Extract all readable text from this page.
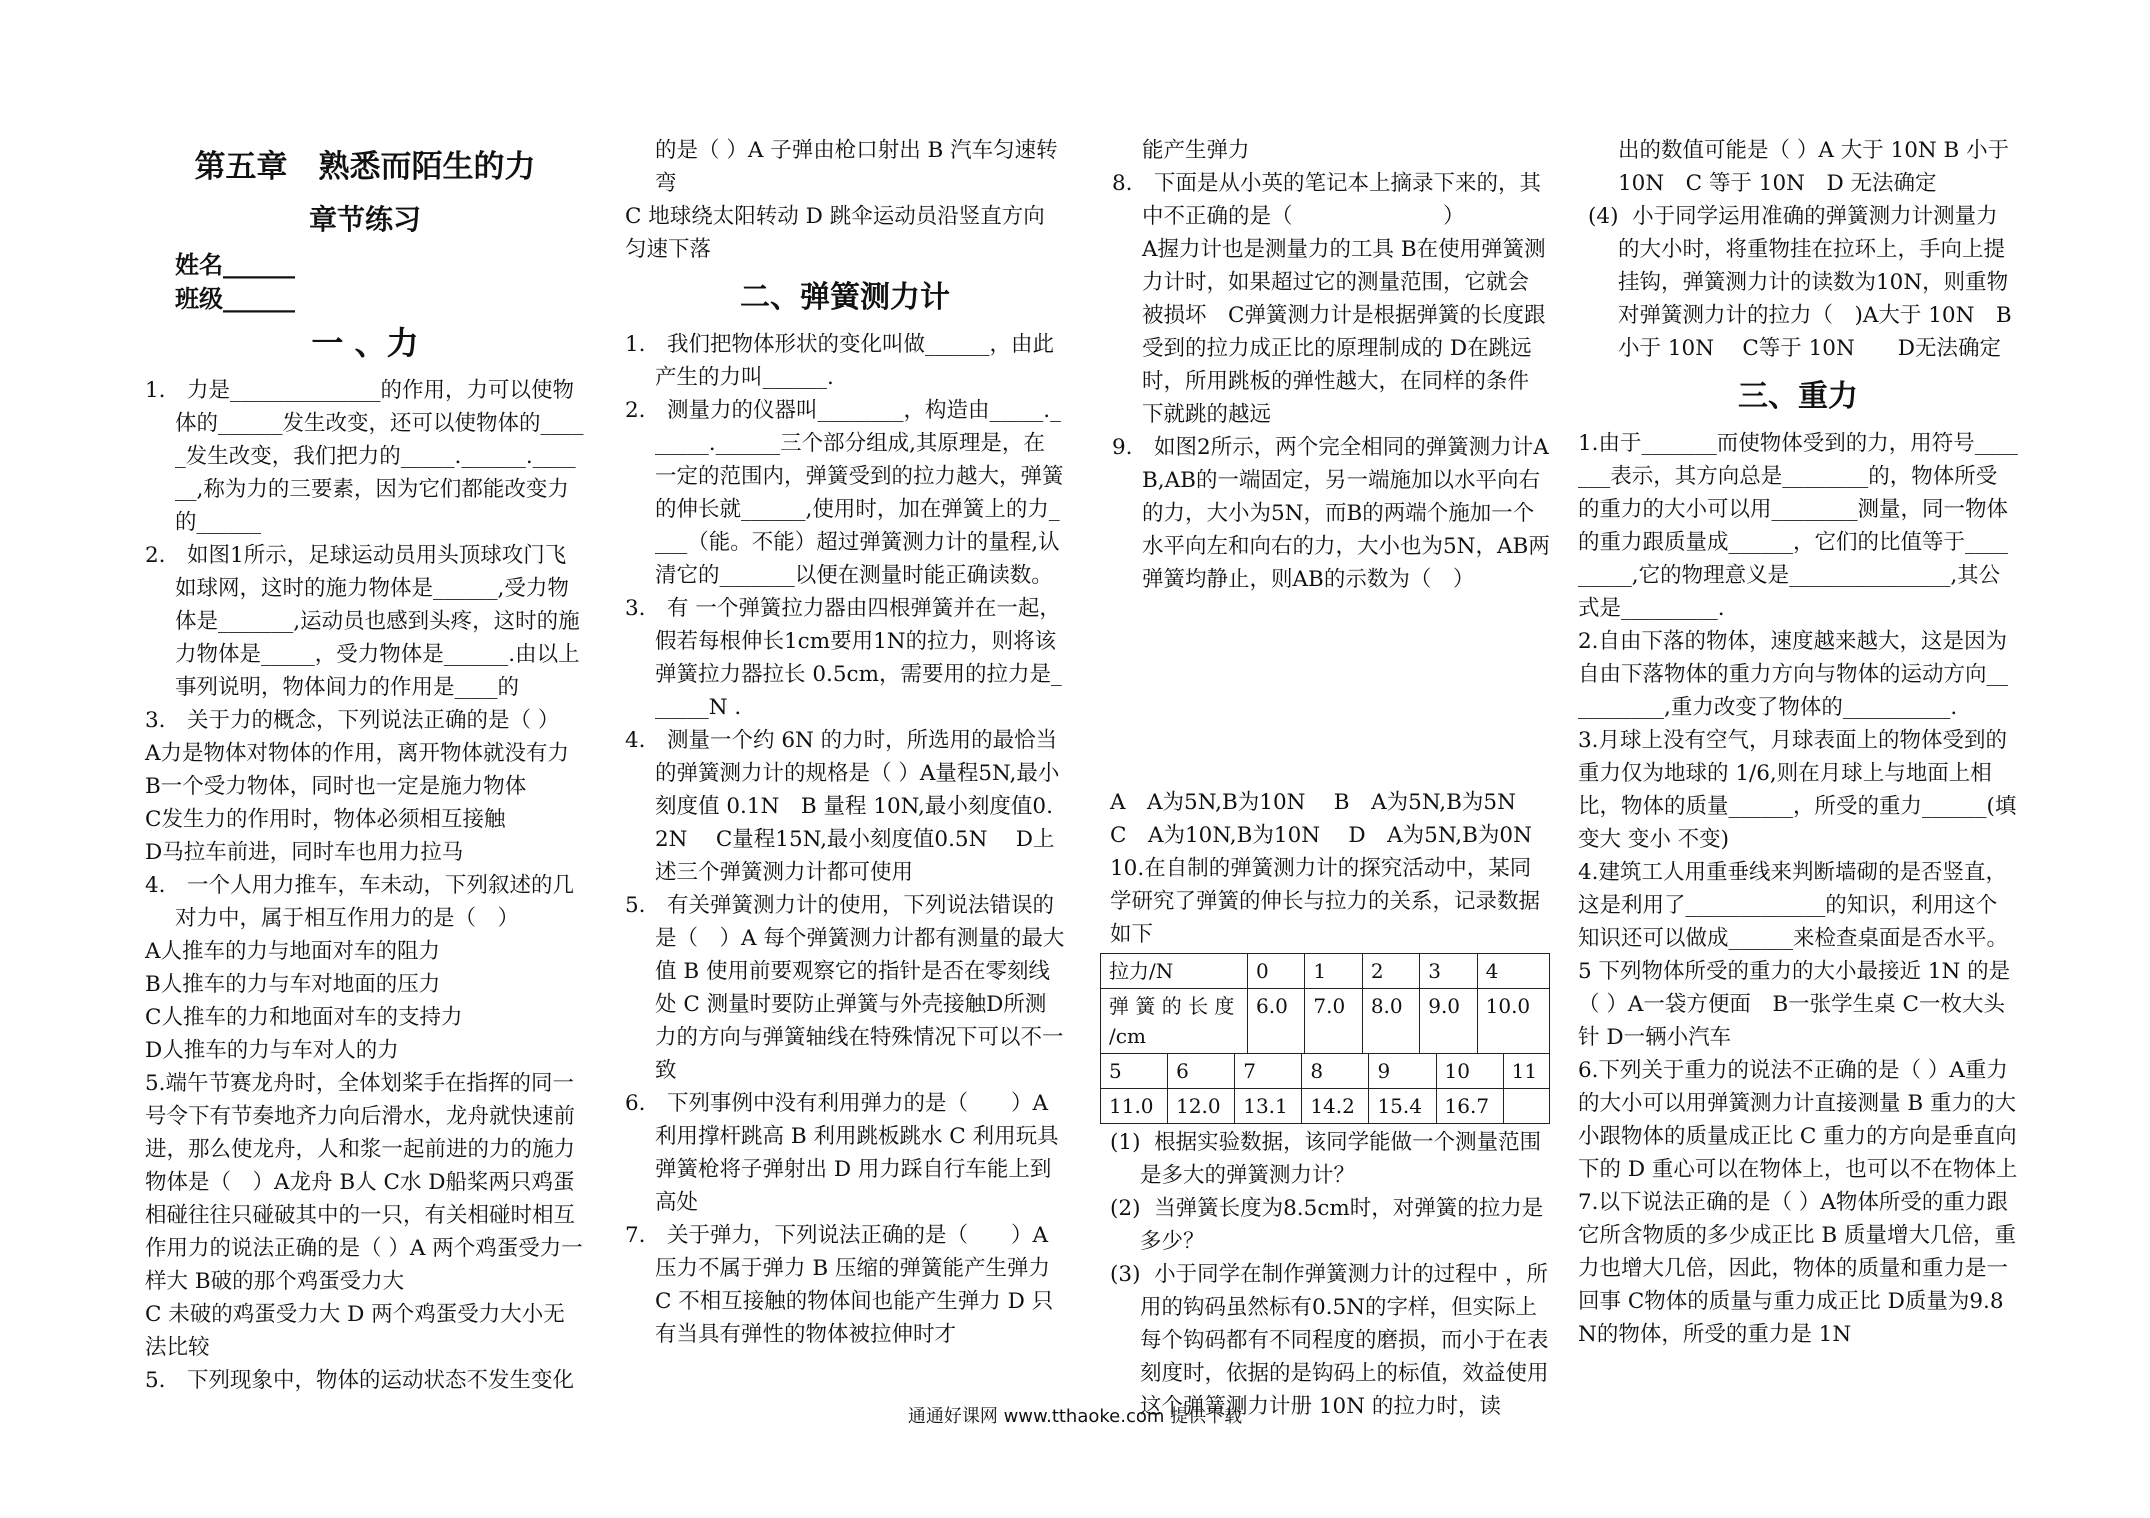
第五章　熟悉而陌生的力
章节练习
姓名______ 班级______
一 、力

1.　力是______________的作用，力可以使物体的______发生改变，还可以使物体的_____发生改变，我们把力的_____.______.______,称为力的三要素，因为它们都能改变力的______

2.　如图1所示，足球运动员用头顶球攻门飞如球网，这时的施力物体是______,受力物体是_______,运动员也感到头疼，这时的施力物体是_____，受力物体是______.由以上事列说明，物体间力的作用是____的

3.　关于力的概念，下列说法正确的是（ ）

A力是物体对物体的作用，离开物体就没有力

B一个受力物体，同时也一定是施力物体

C发生力的作用时，物体必须相互接触

D马拉车前进，同时车也用力拉马

4.　一个人用力推车，车未动，下列叙述的几对力中，属于相互作用力的是（　）

A人推车的力与地面对车的阻力

B人推车的力与车对地面的压力

C人推车的力和地面对车的支持力

D人推车的力与车对人的力

5.端午节赛龙舟时，全体划桨手在指挥的同一号令下有节奏地齐力向后滑水，龙舟就快速前进，那么使龙舟，人和浆一起前进的力的施力物体是（　）A龙舟 B人 C水 D船桨两只鸡蛋相碰往往只碰破其中的一只，有关相碰时相互作用力的说法正确的是（ ）A 两个鸡蛋受力一样大 B破的那个鸡蛋受力大

C 未破的鸡蛋受力大 D 两个鸡蛋受力大小无法比较

5.　下列现象中，物体的运动状态不发生变化

的是（ ）A 子弹由枪口射出 B 汽车匀速转弯

C 地球绕太阳转动 D 跳伞运动员沿竖直方向匀速下落

二、弹簧测力计

1.　我们把物体形状的变化叫做______，由此产生的力叫______.

2.　测量力的仪器叫________，构造由_____.______.______三个部分组成,其原理是，在一定的范围内，弹簧受到的拉力越大，弹簧的伸长就______,使用时，加在弹簧上的力____（能。不能）超过弹簧测力计的量程,认清它的_______以便在测量时能正确读数。

3.　有 一个弹簧拉力器由四根弹簧并在一起，假若每根伸长1cm要用1N的拉力，则将该弹簧拉力器拉长 0.5cm，需要用的拉力是______N .

4.　测量一个约 6N 的力时，所选用的最恰当的弹簧测力计的规格是（ ）A量程5N,最小刻度值 0.1N　B 量程 10N,最小刻度值0.2N　 C量程15N,最小刻度值0.5N　 D上述三个弹簧测力计都可使用

5.　有关弹簧测力计的使用，下列说法错误的是（　）A 每个弹簧测力计都有测量的最大值 B 使用前要观察它的指针是否在零刻线处 C 测量时要防止弹簧与外壳接触D所测力的方向与弹簧轴线在特殊情况下可以不一致

6.　下列事例中没有利用弹力的是（　　）A 利用撑杆跳高 B 利用跳板跳水 C 利用玩具弹簧枪将子弹射出 D 用力踩自行车能上到高处

7.　关于弹力，下列说法正确的是（　　）A 压力不属于弹力 B 压缩的弹簧能产生弹力 C 不相互接触的物体间也能产生弹力 D 只有当具有弹性的物体被拉伸时才

能产生弹力

8.　下面是从小英的笔记本上摘录下来的，其中不正确的是（　　　　　　　）

A握力计也是测量力的工具 B在使用弹簧测力计时，如果超过它的测量范围，它就会被损坏　C弹簧测力计是根据弹簧的长度跟受到的拉力成正比的原理制成的 D在跳远时，所用跳板的弹性越大，在同样的条件下就跳的越远

9.　如图2所示，两个完全相同的弹簧测力计AB,AB的一端固定，另一端施加以水平向右的力，大小为5N，而B的两端个施加一个水平向左和向右的力，大小也为5N，AB两弹簧均静止，则AB的示数为（　）

A　A为5N,B为10N　 B　A为5N,B为5N

C　A为10N,B为10N　 D　A为5N,B为0N

10.在自制的弹簧测力计的探究活动中，某同学研究了弹簧的伸长与拉力的关系，记录数据如下

拉力/N	0	1	2	3	4
弹 簧 的 长 度 /cm	6.0	7.0	8.0	9.0	10.0
5	6	7	8	9	10	11
11.0	12.0	13.1	14.2	15.4	16.7	

(1)  根据实验数据，该同学能做一个测量范围是多大的弹簧测力计？

(2)  当弹簧长度为8.5cm时，对弹簧的拉力是多少？

(3)  小于同学在制作弹簧测力计的过程中 ，所用的钩码虽然标有0.5N的字样，但实际上每个钩码都有不同程度的磨损，而小于在表刻度时，依据的是钩码上的标值，效益使用这个弹簧测力计册 10N 的拉力时，读

出的数值可能是（ ）A 大于 10N B 小于 10N　C 等于 10N　D 无法确定

(4)  小于同学运用准确的弹簧测力计测量力的大小时，将重物挂在拉环上，手向上提挂钩，弹簧测力计的读数为10N，则重物对弹簧测力计的拉力（　)A大于 10N　B 小于 10N　 C等于 10N　　D无法确定

三、重力

1.由于_______而使物体受到的力，用符号_______表示，其方向总是________的，物体所受的重力的大小可以用________测量，同一物体的重力跟质量成______，它们的比值等于_________,它的物理意义是_______________,其公式是_________.

2.自由下落的物体，速度越来越大，这是因为自由下落物体的重力方向与物体的运动方向__________,重力改变了物体的__________.

3.月球上没有空气，月球表面上的物体受到的重力仅为地球的 1/6,则在月球上与地面上相比，物体的质量______，所受的重力______(填变大 变小 不变)

4.建筑工人用重垂线来判断墙砌的是否竖直，这是利用了_____________的知识，利用这个知识还可以做成______来检查桌面是否水平。

5 下列物体所受的重力的大小最接近 1N 的是（ ）A一袋方便面　B一张学生桌 C一枚大头针 D一辆小汽车

6.下列关于重力的说法不正确的是（ ）A重力的大小可以用弹簧测力计直接测量 B 重力的大小跟物体的质量成正比 C 重力的方向是垂直向下的 D 重心可以在物体上，也可以不在物体上

7.以下说法正确的是（ ）A物体所受的重力跟它所含物质的多少成正比 B 质量增大几倍，重力也增大几倍，因此，物体的质量和重力是一回事 C物体的质量与重力成正比 D质量为9.8N的物体，所受的重力是 1N

通通好课网 www.tthaoke.com 提供下载
